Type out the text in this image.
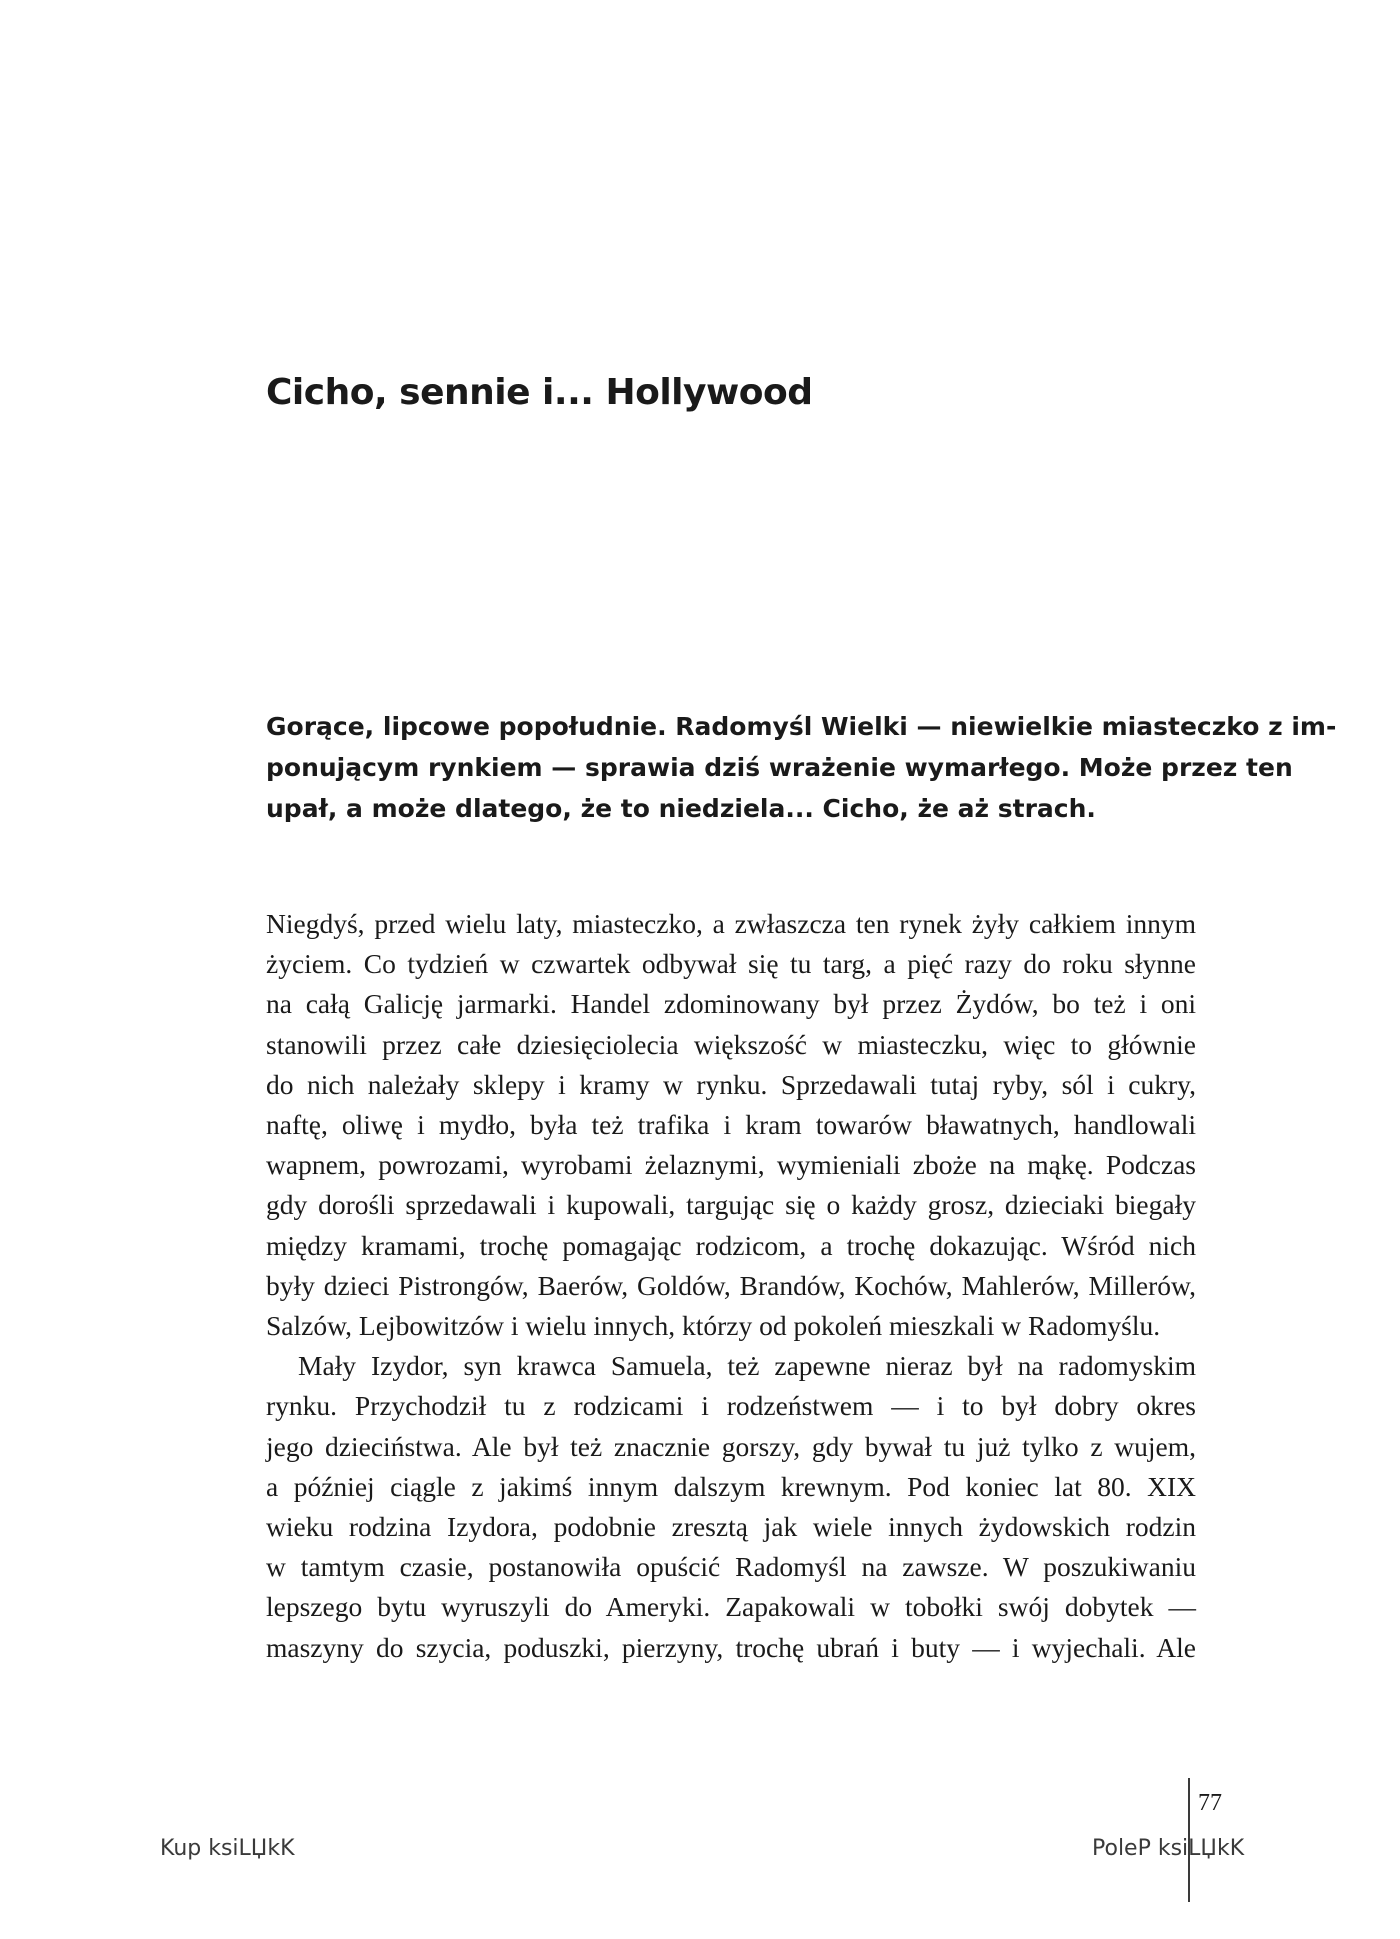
Cicho, sennie i... Hollywood

Gorące, lipcowe popołudnie. Radomyśl Wielki — niewielkie miasteczko z im-
ponującym rynkiem — sprawia dziś wrażenie wymarłego. Może przez ten
upał, a może dlatego, że to niedziela... Cicho, że aż strach.

Niegdyś, przed wielu laty, miasteczko, a zwłaszcza ten rynek żyły całkiem innym
życiem. Co tydzień w czwartek odbywał się tu targ, a pięć razy do roku słynne
na całą Galicję jarmarki. Handel zdominowany był przez Żydów, bo też i oni
stanowili przez całe dziesięciolecia większość w miasteczku, więc to głównie
do nich należały sklepy i kramy w rynku. Sprzedawali tutaj ryby, sól i cukry,
naftę, oliwę i mydło, była też trafika i kram towarów bławatnych, handlowali
wapnem, powrozami, wyrobami żelaznymi, wymieniali zboże na mąkę. Podczas
gdy dorośli sprzedawali i kupowali, targując się o każdy grosz, dzieciaki biegały
między kramami, trochę pomagając rodzicom, a trochę dokazując. Wśród nich
były dzieci Pistrongów, Baerów, Goldów, Brandów, Kochów, Mahlerów, Millerów,
Salzów, Lejbowitzów i wielu innych, którzy od pokoleń mieszkali w Radomyślu.
Mały Izydor, syn krawca Samuela, też zapewne nieraz był na radomyskim
rynku. Przychodził tu z rodzicami i rodzeństwem — i to był dobry okres
jego dzieciństwa. Ale był też znacznie gorszy, gdy bywał tu już tylko z wujem,
a później ciągle z jakimś innym dalszym krewnym. Pod koniec lat 80. XIX
wieku rodzina Izydora, podobnie zresztą jak wiele innych żydowskich rodzin
w tamtym czasie, postanowiła opuścić Radomyśl na zawsze. W poszukiwaniu
lepszego bytu wyruszyli do Ameryki. Zapakowali w tobołki swój dobytek —
maszyny do szycia, poduszki, pierzyny, trochę ubrań i buty — i wyjechali. Ale
77
Kup ksiLЏkK	PoleP ksiLЏkK
